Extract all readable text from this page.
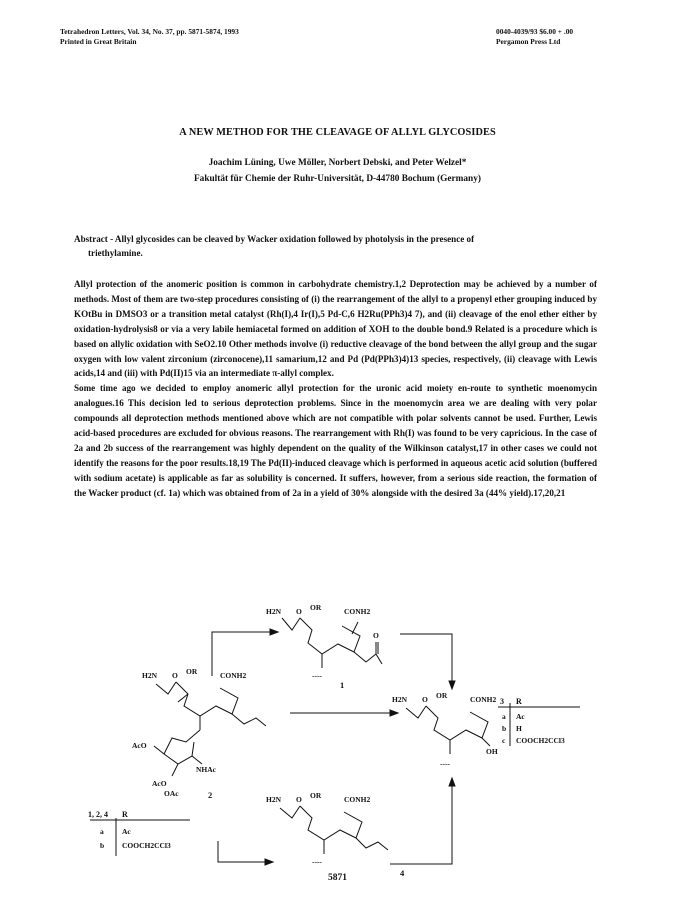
Tetrahedron Letters, Vol. 34, No. 37, pp. 5871-5874, 1993
Printed in Great Britain
0040-4039/93 $6.00 + .00
Pergamon Press Ltd
A NEW METHOD FOR THE CLEAVAGE OF ALLYL GLYCOSIDES
Joachim Lüning, Uwe Möller, Norbert Debski, and Peter Welzel*
Fakultät für Chemie der Ruhr-Universität, D-44780 Bochum (Germany)
Abstract - Allyl glycosides can be cleaved by Wacker oxidation followed by photolysis in the presence of
triethylamine.

Allyl protection of the anomeric position is common in carbohydrate chemistry.1,2 Deprotection may be achieved by a number of methods. Most of them are two-step procedures consisting of (i) the rearrangement of the allyl to a propenyl ether grouping induced by KOtBu in DMSO3 or a transition metal catalyst (Rh(I),4 Ir(I),5 Pd-C,6 H2Ru(PPh3)4 7), and (ii) cleavage of the enol ether either by oxidation-hydrolysis8 or via a very labile hemiacetal formed on addition of XOH to the double bond.9 Related is a procedure which is based on allylic oxidation with SeO2.10 Other methods involve (i) reductive cleavage of the bond between the allyl group and the sugar oxygen with low valent zirconium (zirconocene),11 samarium,12 and Pd (Pd(PPh3)4)13 species, respectively, (ii) cleavage with Lewis acids,14 and (iii) with Pd(II)15 via an intermediate π-allyl complex.

Some time ago we decided to employ anomeric allyl protection for the uronic acid moiety en-route to synthetic moenomycin analogues.16 This decision led to serious deprotection problems. Since in the moenomycin area we are dealing with very polar compounds all deprotection methods mentioned above which are not compatible with polar solvents cannot be used. Further, Lewis acid-based procedures are excluded for obvious reasons. The rearrangement with Rh(I) was found to be very capricious. In the case of 2a and 2b success of the rearrangement was highly dependent on the quality of the Wilkinson catalyst,17 in other cases we could not identify the reasons for the poor results.18,19 The Pd(II)-induced cleavage which is performed in aqueous acetic acid solution (buffered with sodium acetate) is applicable as far as solubility is concerned. It suffers, however, from a serious side reaction, the formation of the Wacker product (cf. 1a) which was obtained from of 2a in a yield of 30% alongside with the desired 3a (44% yield).17,20,21

H2N O OR	CONH2
O
----
1
H2N O OR	CONH2
AcO
NHAc
AcO
OAc	2
H2N O OR	CONH2
OH
----
3 R
a Ac
b H
c COOCH2CCl3
H2N O OR	CONH2
----
4
1, 2, 4 R
a Ac
b COOCH2CCl3
5871
